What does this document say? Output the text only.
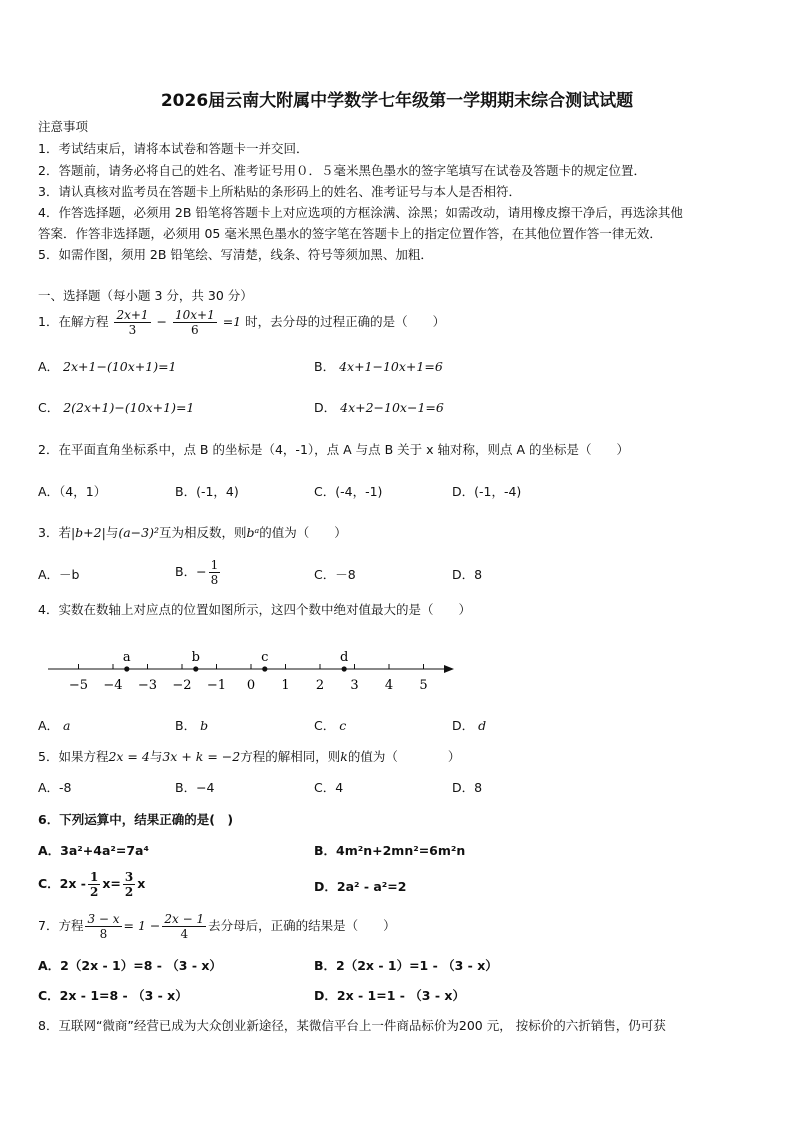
2026届云南大附属中学数学七年级第一学期期末综合测试试题
注意事项
1．考试结束后，请将本试卷和答题卡一并交回．
2．答题前，请务必将自己的姓名、准考证号用０．５毫米黑色墨水的签字笔填写在试卷及答题卡的规定位置．
3．请认真核对监考员在答题卡上所粘贴的条形码上的姓名、准考证号与本人是否相符．
4．作答选择题，必须用 2B 铅笔将答题卡上对应选项的方框涂满、涂黑；如需改动，请用橡皮擦干净后，再选涂其他
答案．作答非选择题，必须用 05 毫米黑色墨水的签字笔在答题卡上的指定位置作答，在其他位置作答一律无效．
5．如需作图，须用 2B 铅笔绘、写清楚，线条、符号等须加黑、加粗．
一、选择题（每小题 3 分，共 30 分）
1．在解方程 $\frac{2x+1}{3} - \frac{10x+1}{6} =1$ 时，去分母的过程正确的是（　　）
A． 2x+1−(10x+1)=1	B． 4x+1−10x+1=6
C． 2(2x+1)−(10x+1)=1	D． 4x+2−10x−1=6
2．在平面直角坐标系中，点 B 的坐标是（4，-1），点 A 与点 B 关于 x 轴对称，则点 A 的坐标是（　　）
A．（4，1）	B．(-1，4)	C．(-4，-1)	D．(-1，-4)
3．若|b+2|与(a−3)²互为相反数，则bᵃ的值为（　　）
A．－b	B．− $\frac{1}{8}$	C．－8	D．8
4．实数在数轴上对应点的位置如图所示，这四个数中绝对值最大的是（　　）
−5 −4 −3 −2 −1 0 1 2 3 4 5
a	b	c	d
A． a	B． b	C． c	D． d
5．如果方程2x = 4与3x + k = −2方程的解相同，则k的值为（　　　　）
A．-8	B．−4	C．4	D．8
6．下列运算中，结果正确的是(　)
A．3a²+4a²=7a⁴	B．4m²n+2mn²=6m²n
C．$2x - \frac{1}{2} x= \frac{3}{2}$ x	D．2a² - a²=2
7．方程 $\frac{3 - x}{8} = 1 - \frac{2x - 1}{4}$ 去分母后，正确的结果是（　　）
A．2（2x - 1）=8 - （3 - x）	B．2（2x - 1）=1 - （3 - x）
C．2x - 1=8 - （3 - x）	D．2x - 1=1 - （3 - x）
8．互联网“微商”经营已成为大众创业新途径，某微信平台上一件商品标价为200 元， 按标价的六折销售，仍可获
